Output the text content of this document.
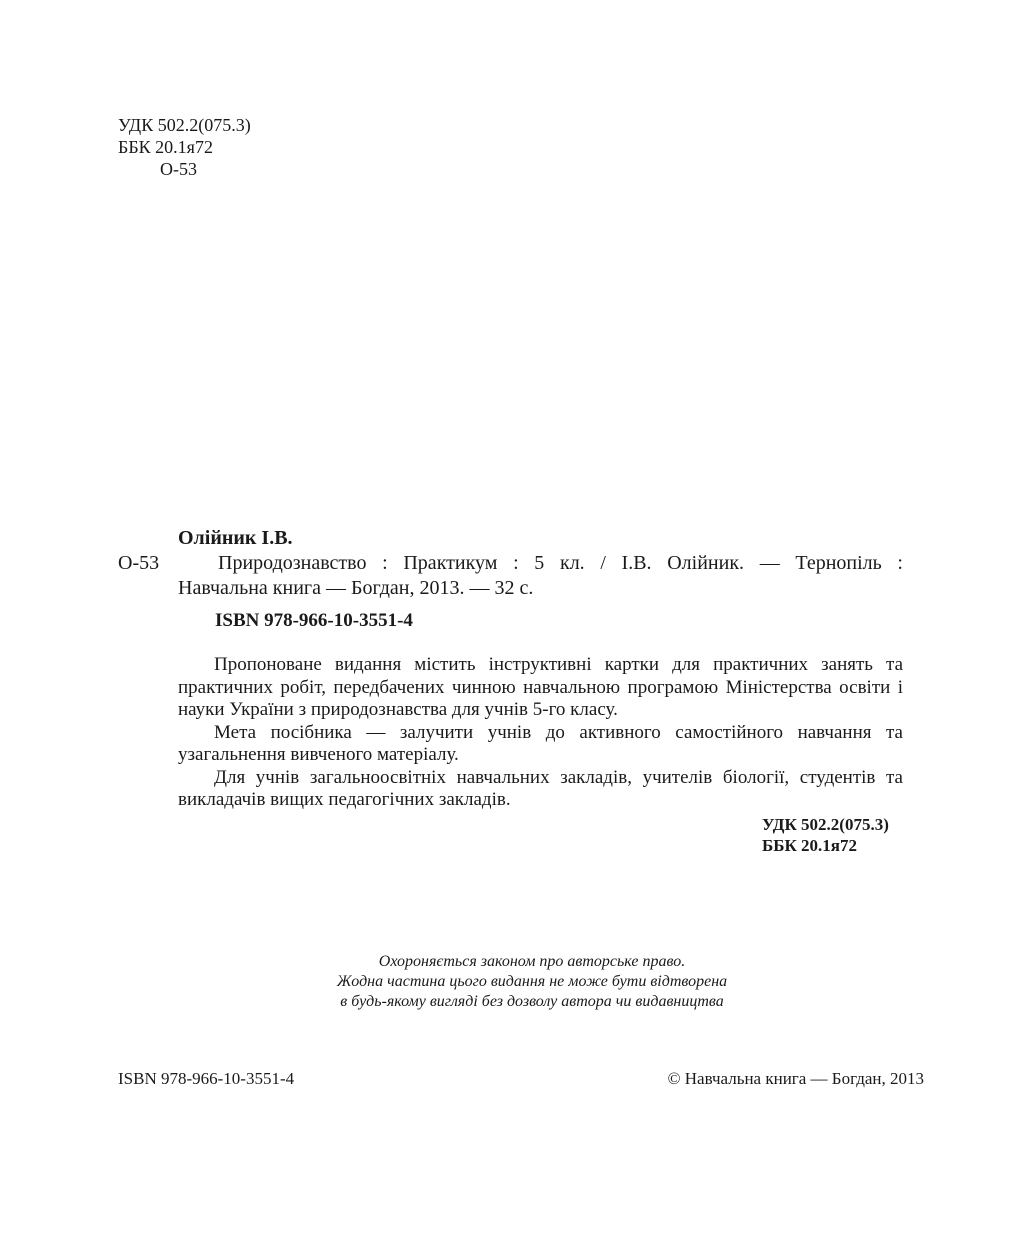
УДК 502.2(075.3)
ББК 20.1я72
О-53
Олійник І.В.
О-53	Природознавство : Практикум : 5 кл. / І.В. Олійник. — Тернопіль :
Навчальна книга — Богдан, 2013. — 32 с.
ISBN 978-966-10-3551-4

Пропоноване видання містить інструктивні картки для практичних занять та практичних робіт, передбачених чинною навчальною програмою Міністерства освіти і науки України з природознавства для учнів 5-го класу.

Мета посібника — залучити учнів до активного самостійного навчання та узагальнення вивченого матеріалу.

Для учнів загальноосвітніх навчальних закладів, учителів біології, студентів та викладачів вищих педагогічних закладів.

УДК 502.2(075.3)
ББК 20.1я72
Охороняється законом про авторське право.
Жодна частина цього видання не може бути відтворена
в будь-якому вигляді без дозволу автора чи видавництва
ISBN 978-966-10-3551-4	© Навчальна книга — Богдан, 2013
